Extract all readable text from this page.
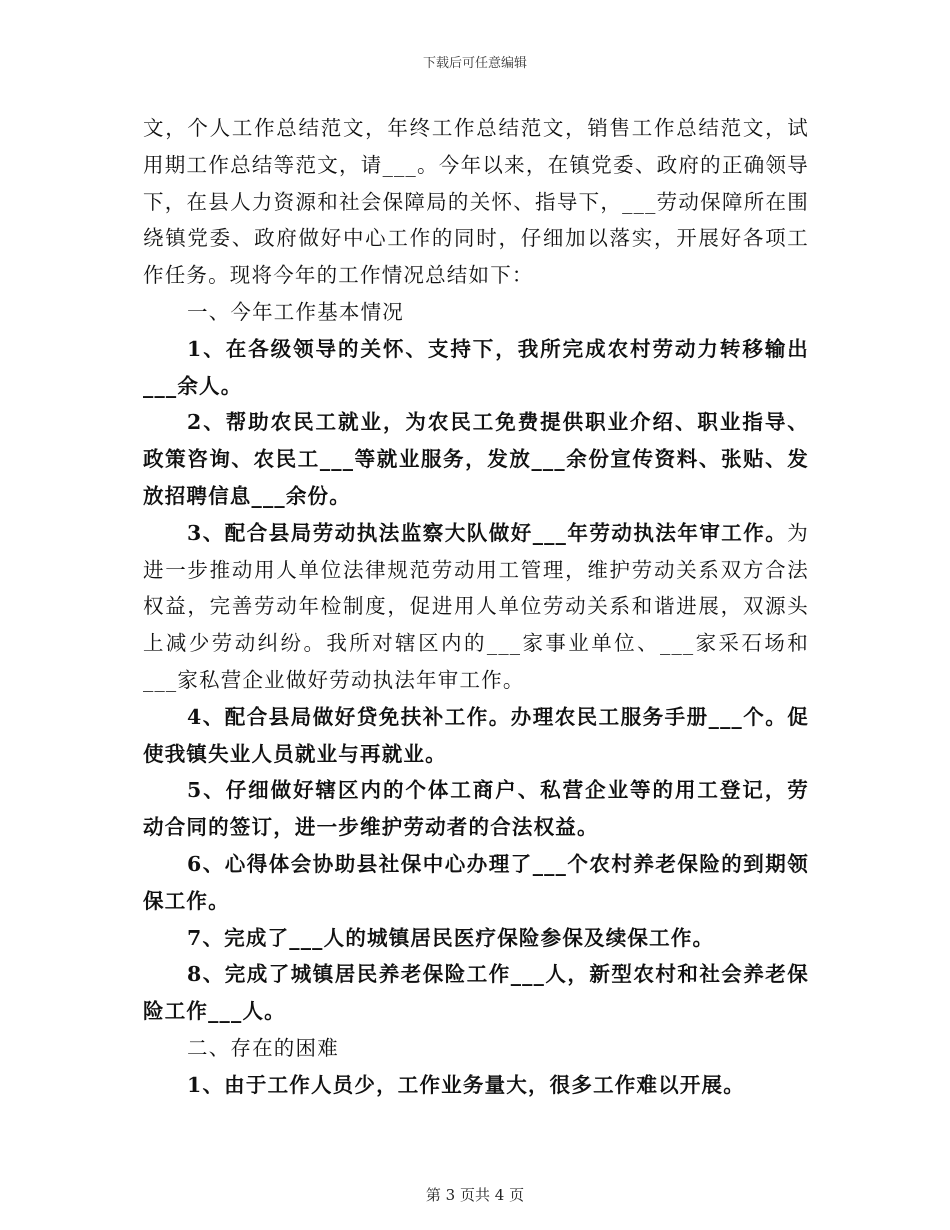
下载后可任意编辑

文，个人工作总结范文，年终工作总结范文，销售工作总结范文，试用期工作总结等范文，请___。今年以来，在镇党委、政府的正确领导下，在县人力资源和社会保障局的关怀、指导下，___劳动保障所在围绕镇党委、政府做好中心工作的同时，仔细加以落实，开展好各项工作任务。现将今年的工作情况总结如下：

一、今年工作基本情况

1、在各级领导的关怀、支持下，我所完成农村劳动力转移输出___余人。

2、帮助农民工就业，为农民工免费提供职业介绍、职业指导、政策咨询、农民工___等就业服务，发放___余份宣传资料、张贴、发放招聘信息___余份。

3、配合县局劳动执法监察大队做好___年劳动执法年审工作。为进一步推动用人单位法律规范劳动用工管理，维护劳动关系双方合法权益，完善劳动年检制度，促进用人单位劳动关系和谐进展，双源头上减少劳动纠纷。我所对辖区内的___家事业单位、___家采石场和___家私营企业做好劳动执法年审工作。

4、配合县局做好贷免扶补工作。办理农民工服务手册___个。促使我镇失业人员就业与再就业。

5、仔细做好辖区内的个体工商户、私营企业等的用工登记，劳动合同的签订，进一步维护劳动者的合法权益。

6、心得体会协助县社保中心办理了___个农村养老保险的到期领保工作。

7、完成了___人的城镇居民医疗保险参保及续保工作。

8、完成了城镇居民养老保险工作___人，新型农村和社会养老保险工作___人。

二、存在的困难

1、由于工作人员少，工作业务量大，很多工作难以开展。

第 3 页共 4 页
